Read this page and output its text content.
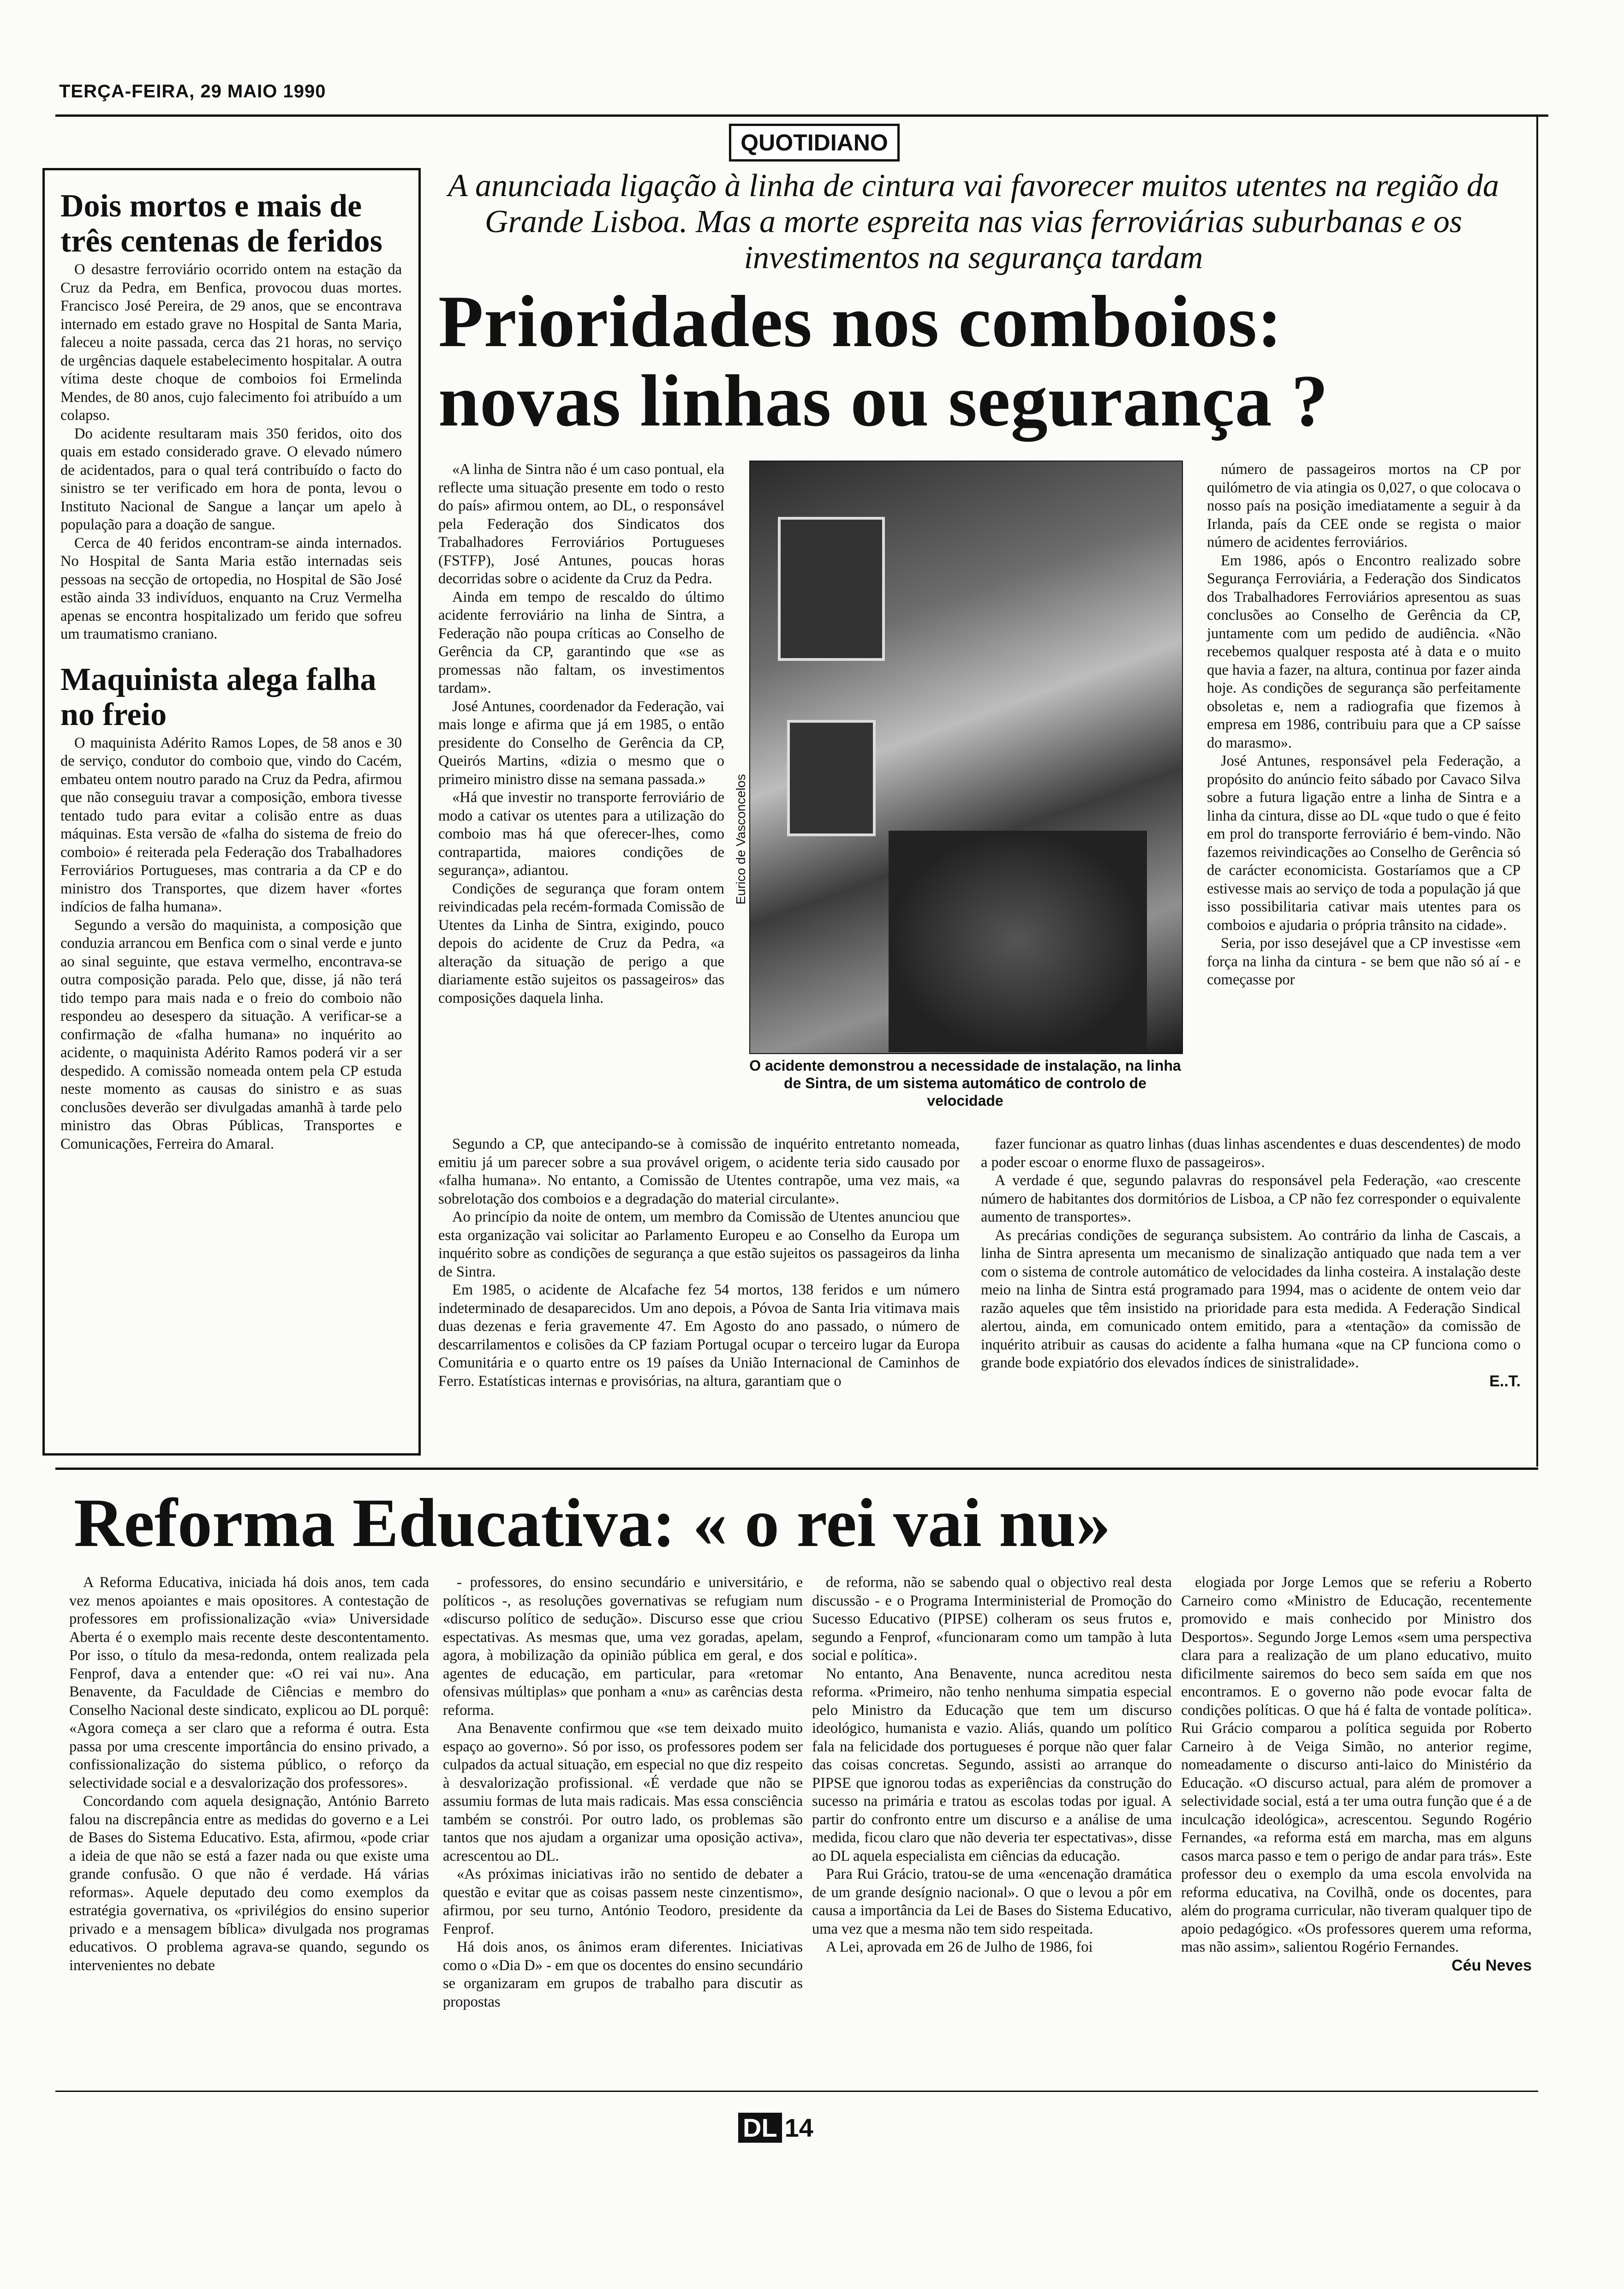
TERÇA-FEIRA, 29 MAIO 1990
QUOTIDIANO
Dois mortos e mais de três centenas de feridos

O desastre ferroviário ocorrido ontem na estação da Cruz da Pedra, em Benfica, provocou duas mortes. Francisco José Pereira, de 29 anos, que se encontrava internado em estado grave no Hospital de Santa Maria, faleceu a noite passada, cerca das 21 horas, no serviço de urgências daquele estabelecimento hospitalar. A outra vítima deste choque de comboios foi Ermelinda Mendes, de 80 anos, cujo falecimento foi atribuído a um colapso.

Do acidente resultaram mais 350 feridos, oito dos quais em estado considerado grave. O elevado número de acidentados, para o qual terá contribuído o facto do sinistro se ter verificado em hora de ponta, levou o Instituto Nacional de Sangue a lançar um apelo à população para a doação de sangue.

Cerca de 40 feridos encontram-se ainda internados. No Hospital de Santa Maria estão internadas seis pessoas na secção de ortopedia, no Hospital de São José estão ainda 33 indivíduos, enquanto na Cruz Vermelha apenas se encontra hospitalizado um ferido que sofreu um traumatismo craniano.

Maquinista alega falha no freio

O maquinista Adérito Ramos Lopes, de 58 anos e 30 de serviço, condutor do comboio que, vindo do Cacém, embateu ontem noutro parado na Cruz da Pedra, afirmou que não conseguiu travar a composição, embora tivesse tentado tudo para evitar a colisão entre as duas máquinas. Esta versão de «falha do sistema de freio do comboio» é reiterada pela Federação dos Trabalhadores Ferroviários Portugueses, mas contraria a da CP e do ministro dos Transportes, que dizem haver «fortes indícios de falha humana».

Segundo a versão do maquinista, a composição que conduzia arrancou em Benfica com o sinal verde e junto ao sinal seguinte, que estava vermelho, encontrava-se outra composição parada. Pelo que, disse, já não terá tido tempo para mais nada e o freio do comboio não respondeu ao desespero da situação. A verificar-se a confirmação de «falha humana» no inquérito ao acidente, o maquinista Adérito Ramos poderá vir a ser despedido. A comissão nomeada ontem pela CP estuda neste momento as causas do sinistro e as suas conclusões deverão ser divulgadas amanhã à tarde pelo ministro das Obras Públicas, Transportes e Comunicações, Ferreira do Amaral.

A anunciada ligação à linha de cintura vai favorecer muitos utentes na região da Grande Lisboa. Mas a morte espreita nas vias ferroviárias suburbanas e os investimentos na segurança tardam
Prioridades nos comboios:
novas linhas ou segurança ?

«A linha de Sintra não é um caso pontual, ela reflecte uma situação presente em todo o resto do país» afirmou ontem, ao DL, o responsável pela Federação dos Sindicatos dos Trabalhadores Ferroviários Portugueses (FSTFP), José Antunes, poucas horas decorridas sobre o acidente da Cruz da Pedra.

Ainda em tempo de rescaldo do último acidente ferroviário na linha de Sintra, a Federação não poupa críticas ao Conselho de Gerência da CP, garantindo que «se as promessas não faltam, os investimentos tardam».

José Antunes, coordenador da Federação, vai mais longe e afirma que já em 1985, o então presidente do Conselho de Gerência da CP, Queirós Martins, «dizia o mesmo que o primeiro ministro disse na semana passada.»

«Há que investir no transporte ferroviário de modo a cativar os utentes para a utilização do comboio mas há que oferecer-lhes, como contrapartida, maiores condições de segurança», adiantou.

Condições de segurança que foram ontem reivindicadas pela recém-formada Comissão de Utentes da Linha de Sintra, exigindo, pouco depois do acidente de Cruz da Pedra, «a alteração da situação de perigo a que diariamente estão sujeitos os passageiros» das composições daquela linha.

Eurico de Vasconcelos
O acidente demonstrou a necessidade de instalação, na linha de Sintra, de um sistema automático de controlo de velocidade

número de passageiros mortos na CP por quilómetro de via atingia os 0,027, o que colocava o nosso país na posição imediatamente a seguir à da Irlanda, país da CEE onde se regista o maior número de acidentes ferroviários.

Em 1986, após o Encontro realizado sobre Segurança Ferroviária, a Federação dos Sindicatos dos Trabalhadores Ferroviários apresentou as suas conclusões ao Conselho de Gerência da CP, juntamente com um pedido de audiência. «Não recebemos qualquer resposta até à data e o muito que havia a fazer, na altura, continua por fazer ainda hoje. As condições de segurança são perfeitamente obsoletas e, nem a radiografia que fizemos à empresa em 1986, contribuiu para que a CP saísse do marasmo».

José Antunes, responsável pela Federação, a propósito do anúncio feito sábado por Cavaco Silva sobre a futura ligação entre a linha de Sintra e a linha da cintura, disse ao DL «que tudo o que é feito em prol do transporte ferroviário é bem-vindo. Não fazemos reivindicações ao Conselho de Gerência só de carácter economicista. Gostaríamos que a CP estivesse mais ao serviço de toda a população já que isso possibilitaria cativar mais utentes para os comboios e ajudaria o própria trânsito na cidade».

Seria, por isso desejável que a CP investisse «em força na linha da cintura - se bem que não só aí - e começasse por

Segundo a CP, que antecipando-se à comissão de inquérito entretanto nomeada, emitiu já um parecer sobre a sua provável origem, o acidente teria sido causado por «falha humana». No entanto, a Comissão de Utentes contrapõe, uma vez mais, «a sobrelotação dos comboios e a degradação do material circulante».

Ao princípio da noite de ontem, um membro da Comissão de Utentes anunciou que esta organização vai solicitar ao Parlamento Europeu e ao Conselho da Europa um inquérito sobre as condições de segurança a que estão sujeitos os passageiros da linha de Sintra.

Em 1985, o acidente de Alcafache fez 54 mortos, 138 feridos e um número indeterminado de desaparecidos. Um ano depois, a Póvoa de Santa Iria vitimava mais duas dezenas e feria gravemente 47. Em Agosto do ano passado, o número de descarrilamentos e colisões da CP faziam Portugal ocupar o terceiro lugar da Europa Comunitária e o quarto entre os 19 países da União Internacional de Caminhos de Ferro. Estatísticas internas e provisórias, na altura, garantiam que o

fazer funcionar as quatro linhas (duas linhas ascendentes e duas descendentes) de modo a poder escoar o enorme fluxo de passageiros».

A verdade é que, segundo palavras do responsável pela Federação, «ao crescente número de habitantes dos dormitórios de Lisboa, a CP não fez corresponder o equivalente aumento de transportes».

As precárias condições de segurança subsistem. Ao contrário da linha de Cascais, a linha de Sintra apresenta um mecanismo de sinalização antiquado que nada tem a ver com o sistema de controle automático de velocidades da linha costeira. A instalação deste meio na linha de Sintra está programado para 1994, mas o acidente de ontem veio dar razão aqueles que têm insistido na prioridade para esta medida. A Federação Sindical alertou, ainda, em comunicado ontem emitido, para a «tentação» da comissão de inquérito atribuir as causas do acidente a falha humana «que na CP funciona como o grande bode expiatório dos elevados índices de sinistralidade».

E..T.
Reforma Educativa: « o rei vai nu»

A Reforma Educativa, iniciada há dois anos, tem cada vez menos apoiantes e mais opositores. A contestação de professores em profissionalização «via» Universidade Aberta é o exemplo mais recente deste descontentamento. Por isso, o título da mesa-redonda, ontem realizada pela Fenprof, dava a entender que: «O rei vai nu». Ana Benavente, da Faculdade de Ciências e membro do Conselho Nacional deste sindicato, explicou ao DL porquê: «Agora começa a ser claro que a reforma é outra. Esta passa por uma crescente importância do ensino privado, a confissionalização do sistema público, o reforço da selectividade social e a desvalorização dos professores».

Concordando com aquela designação, António Barreto falou na discrepância entre as medidas do governo e a Lei de Bases do Sistema Educativo. Esta, afirmou, «pode criar a ideia de que não se está a fazer nada ou que existe uma grande confusão. O que não é verdade. Há várias reformas». Aquele deputado deu como exemplos da estratégia governativa, os «privilégios do ensino superior privado e a mensagem bíblica» divulgada nos programas educativos. O problema agrava-se quando, segundo os intervenientes no debate

- professores, do ensino secundário e universitário, e políticos -, as resoluções governativas se refugiam num «discurso político de sedução». Discurso esse que criou espectativas. As mesmas que, uma vez goradas, apelam, agora, à mobilização da opinião pública em geral, e dos agentes de educação, em particular, para «retomar ofensivas múltiplas» que ponham a «nu» as carências desta reforma.

Ana Benavente confirmou que «se tem deixado muito espaço ao governo». Só por isso, os professores podem ser culpados da actual situação, em especial no que diz respeito à desvalorização profissional. «É verdade que não se assumiu formas de luta mais radicais. Mas essa consciência também se constrói. Por outro lado, os problemas são tantos que nos ajudam a organizar uma oposição activa», acrescentou ao DL.

«As próximas iniciativas irão no sentido de debater a questão e evitar que as coisas passem neste cinzentismo», afirmou, por seu turno, António Teodoro, presidente da Fenprof.

Há dois anos, os ânimos eram diferentes. Iniciativas como o «Dia D» - em que os docentes do ensino secundário se organizaram em grupos de trabalho para discutir as propostas

de reforma, não se sabendo qual o objectivo real desta discussão - e o Programa Interministerial de Promoção do Sucesso Educativo (PIPSE) colheram os seus frutos e, segundo a Fenprof, «funcionaram como um tampão à luta social e política».

No entanto, Ana Benavente, nunca acreditou nesta reforma. «Primeiro, não tenho nenhuma simpatia especial pelo Ministro da Educação que tem um discurso ideológico, humanista e vazio. Aliás, quando um político fala na felicidade dos portugueses é porque não quer falar das coisas concretas. Segundo, assisti ao arranque do PIPSE que ignorou todas as experiências da construção do sucesso na primária e tratou as escolas todas por igual. A partir do confronto entre um discurso e a análise de uma medida, ficou claro que não deveria ter espectativas», disse ao DL aquela especialista em ciências da educação.

Para Rui Grácio, tratou-se de uma «encenação dramática de um grande desígnio nacional». O que o levou a pôr em causa a importância da Lei de Bases do Sistema Educativo, uma vez que a mesma não tem sido respeitada.

A Lei, aprovada em 26 de Julho de 1986, foi

elogiada por Jorge Lemos que se referiu a Roberto Carneiro como «Ministro de Educação, recentemente promovido e mais conhecido por Ministro dos Desportos». Segundo Jorge Lemos «sem uma perspectiva clara para a realização de um plano educativo, muito dificilmente sairemos do beco sem saída em que nos encontramos. E o governo não pode evocar falta de condições políticas. O que há é falta de vontade política». Rui Grácio comparou a política seguida por Roberto Carneiro à de Veiga Simão, no anterior regime, nomeadamente o discurso anti-laico do Ministério da Educação. «O discurso actual, para além de promover a selectividade social, está a ter uma outra função que é a de inculcação ideológica», acrescentou. Segundo Rogério Fernandes, «a reforma está em marcha, mas em alguns casos marca passo e tem o perigo de andar para trás». Este professor deu o exemplo da uma escola envolvida na reforma educativa, na Covilhã, onde os docentes, para além do programa curricular, não tiveram qualquer tipo de apoio pedagógico. «Os professores querem uma reforma, mas não assim», salientou Rogério Fernandes.

Céu Neves
DL 14
